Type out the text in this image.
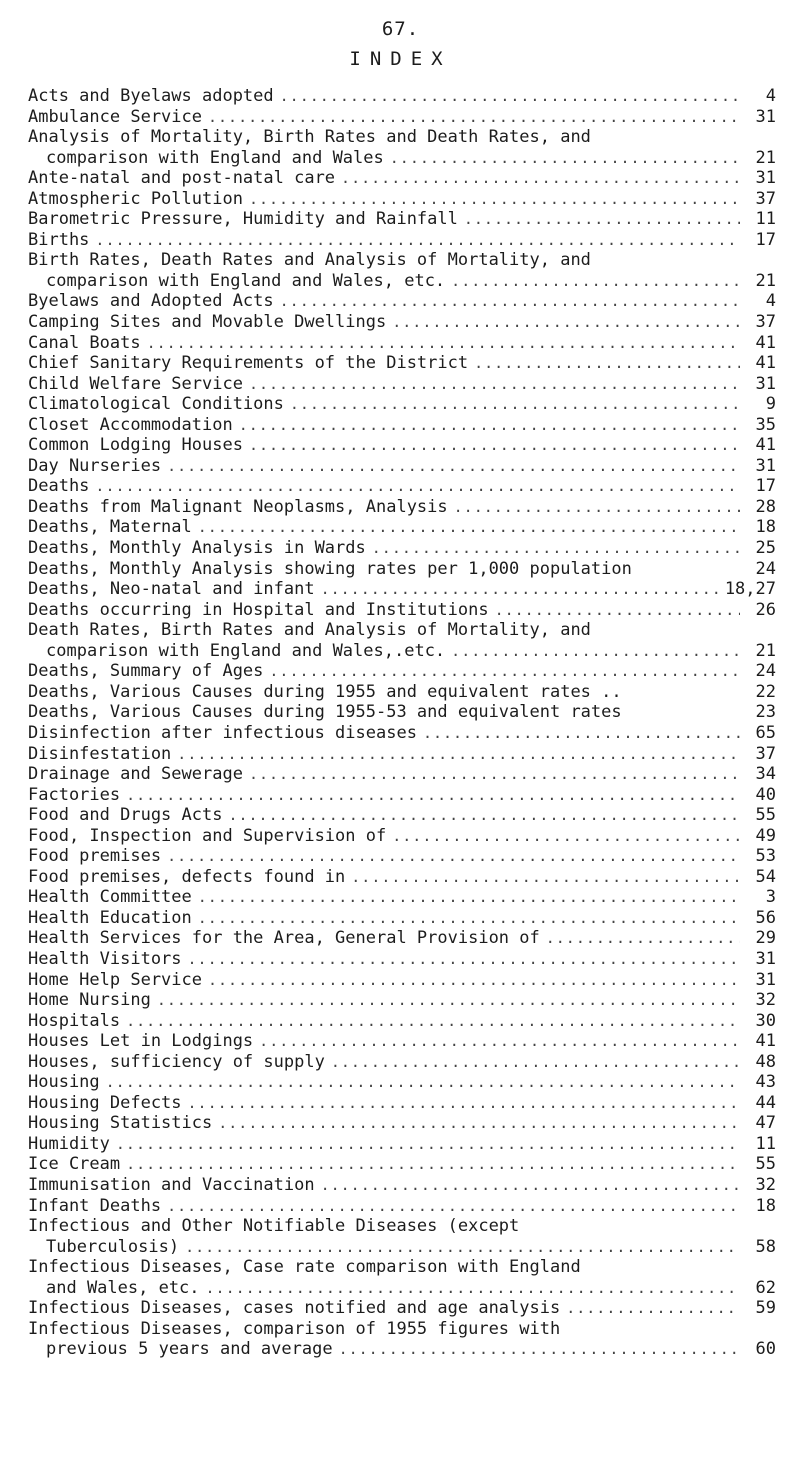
67.
INDEX
Acts and Byelaws adopted .....	4
Ambulance Service .....	31
Analysis of Mortality, Birth Rates and Death Rates, and
comparison with England and Wales .....	21
Ante-natal and post-natal care .....	31
Atmospheric Pollution .....	37
Barometric Pressure, Humidity and Rainfall .....	11
Births .....	17
Birth Rates, Death Rates and Analysis of Mortality, and
comparison with England and Wales, etc. .....	21
Byelaws and Adopted Acts .....	4
Camping Sites and Movable Dwellings .....	37
Canal Boats .....	41
Chief Sanitary Requirements of the District .....	41
Child Welfare Service .....	31
Climatological Conditions .....	9
Closet Accommodation .....	35
Common Lodging Houses .....	41
Day Nurseries .....	31
Deaths .....	17
Deaths from Malignant Neoplasms, Analysis .....	28
Deaths, Maternal .....	18
Deaths, Monthly Analysis in Wards .....	25
Deaths, Monthly Analysis showing rates per 1,000 population	24
Deaths, Neo-natal and infant .....	18,27
Deaths occurring in Hospital and Institutions .....	26
Death Rates, Birth Rates and Analysis of Mortality, and
comparison with England and Wales,.etc. .....	21
Deaths, Summary of Ages .....	24
Deaths, Various Causes during 1955 and equivalent rates ..	22
Deaths, Various Causes during 1955-53 and equivalent rates	23
Disinfection after infectious diseases .....	65
Disinfestation .....	37
Drainage and Sewerage .....	34
Factories .....	40
Food and Drugs Acts .....	55
Food, Inspection and Supervision of .....	49
Food premises .....	53
Food premises, defects found in .....	54
Health Committee .....	3
Health Education .....	56
Health Services for the Area, General Provision of .....	29
Health Visitors .....	31
Home Help Service .....	31
Home Nursing .....	32
Hospitals .....	30
Houses Let in Lodgings .....	41
Houses, sufficiency of supply .....	48
Housing .....	43
Housing Defects .....	44
Housing Statistics .....	47
Humidity .....	11
Ice Cream .....	55
Immunisation and Vaccination .....	32
Infant Deaths .....	18
Infectious and Other Notifiable Diseases (except
Tuberculosis) .....	58
Infectious Diseases, Case rate comparison with England
and Wales, etc. .....	62
Infectious Diseases, cases notified and age analysis .....	59
Infectious Diseases, comparison of 1955 figures with
previous 5 years and average .....	60
